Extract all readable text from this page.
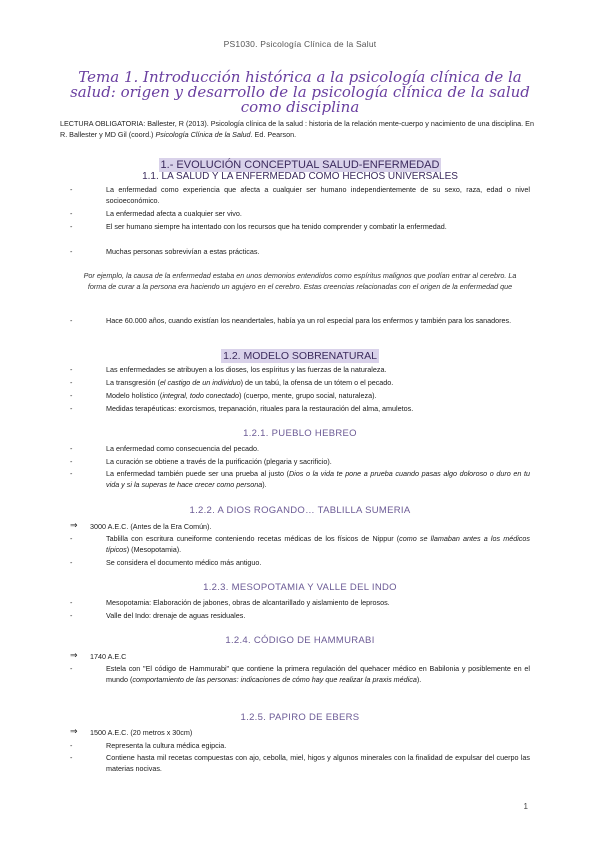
PS1030. Psicología Clínica de la Salut
Tema 1. Introducción histórica a la psicología clínica de la salud: origen y desarrollo de la psicología clínica de la salud como disciplina
LECTURA OBLIGATORIA: Ballester, R (2013). Psicología clínica de la salud : historia de la relación mente-cuerpo y nacimiento de una disciplina. En R. Ballester y MD Gil (coord.) Psicología Clínica de la Salud. Ed. Pearson.
1.- EVOLUCIÓN CONCEPTUAL SALUD-ENFERMEDAD
1.1. LA SALUD Y LA ENFERMEDAD COMO HECHOS UNIVERSALES
-	La enfermedad como experiencia que afecta a cualquier ser humano independientemente de su sexo, raza, edad o nivel socioeconómico.
-	La enfermedad afecta a cualquier ser vivo.
-	El ser humano siempre ha intentado con los recursos que ha tenido comprender y combatir la enfermedad.
-	Muchas personas sobrevivían a estas prácticas.
Por ejemplo, la causa de la enfermedad estaba en unos demonios entendidos como espíritus malignos que podían entrar al cerebro. La forma de curar a la persona era haciendo un agujero en el cerebro. Estas creencias relacionadas con el origen de la enfermedad que
-	Hace 60.000 años, cuando existían los neandertales, había ya un rol especial para los enfermos y también para los sanadores.
1.2. MODELO SOBRENATURAL
-	Las enfermedades se atribuyen a los dioses, los espíritus y las fuerzas de la naturaleza.
-	La transgresión (el castigo de un individuo) de un tabú, la ofensa de un tótem o el pecado.
-	Modelo holístico (integral, todo conectado) (cuerpo, mente, grupo social, naturaleza).
-	Medidas terapéuticas: exorcismos, trepanación, rituales para la restauración del alma, amuletos.
1.2.1. PUEBLO HEBREO
-	La enfermedad como consecuencia del pecado.
-	La curación se obtiene a través de la purificación (plegaria y sacrificio).
-	La enfermedad también puede ser una prueba al justo (Dios o la vida te pone a prueba cuando pasas algo doloroso o duro en tu vida y si la superas te hace crecer como persona).
1.2.2. A DIOS ROGANDO… TABLILLA SUMERIA
⇒	3000 A.E.C. (Antes de la Era Común).
-	Tablilla con escritura cuneiforme conteniendo recetas médicas de los físicos de Nippur (como se llamaban antes a los médicos típicos) (Mesopotamia).
-	Se considera el documento médico más antiguo.
1.2.3. MESOPOTAMIA Y VALLE DEL INDO
-	Mesopotamia: Elaboración de jabones, obras de alcantarillado y aislamiento de leprosos.
-	Valle del Indo: drenaje de aguas residuales.
1.2.4. CÓDIGO DE HAMMURABI
⇒	1740 A.E.C
-	Estela con "El código de Hammurabi" que contiene la primera regulación del quehacer médico en Babilonia y posiblemente en el mundo (comportamiento de las personas: indicaciones de cómo hay que realizar la praxis médica).
1.2.5. PAPIRO DE EBERS
⇒	1500 A.E.C. (20 metros x 30cm)
-	Representa la cultura médica egipcia.
-	Contiene hasta mil recetas compuestas con ajo, cebolla, miel, higos y algunos minerales con la finalidad de expulsar del cuerpo las materias nocivas.
1
